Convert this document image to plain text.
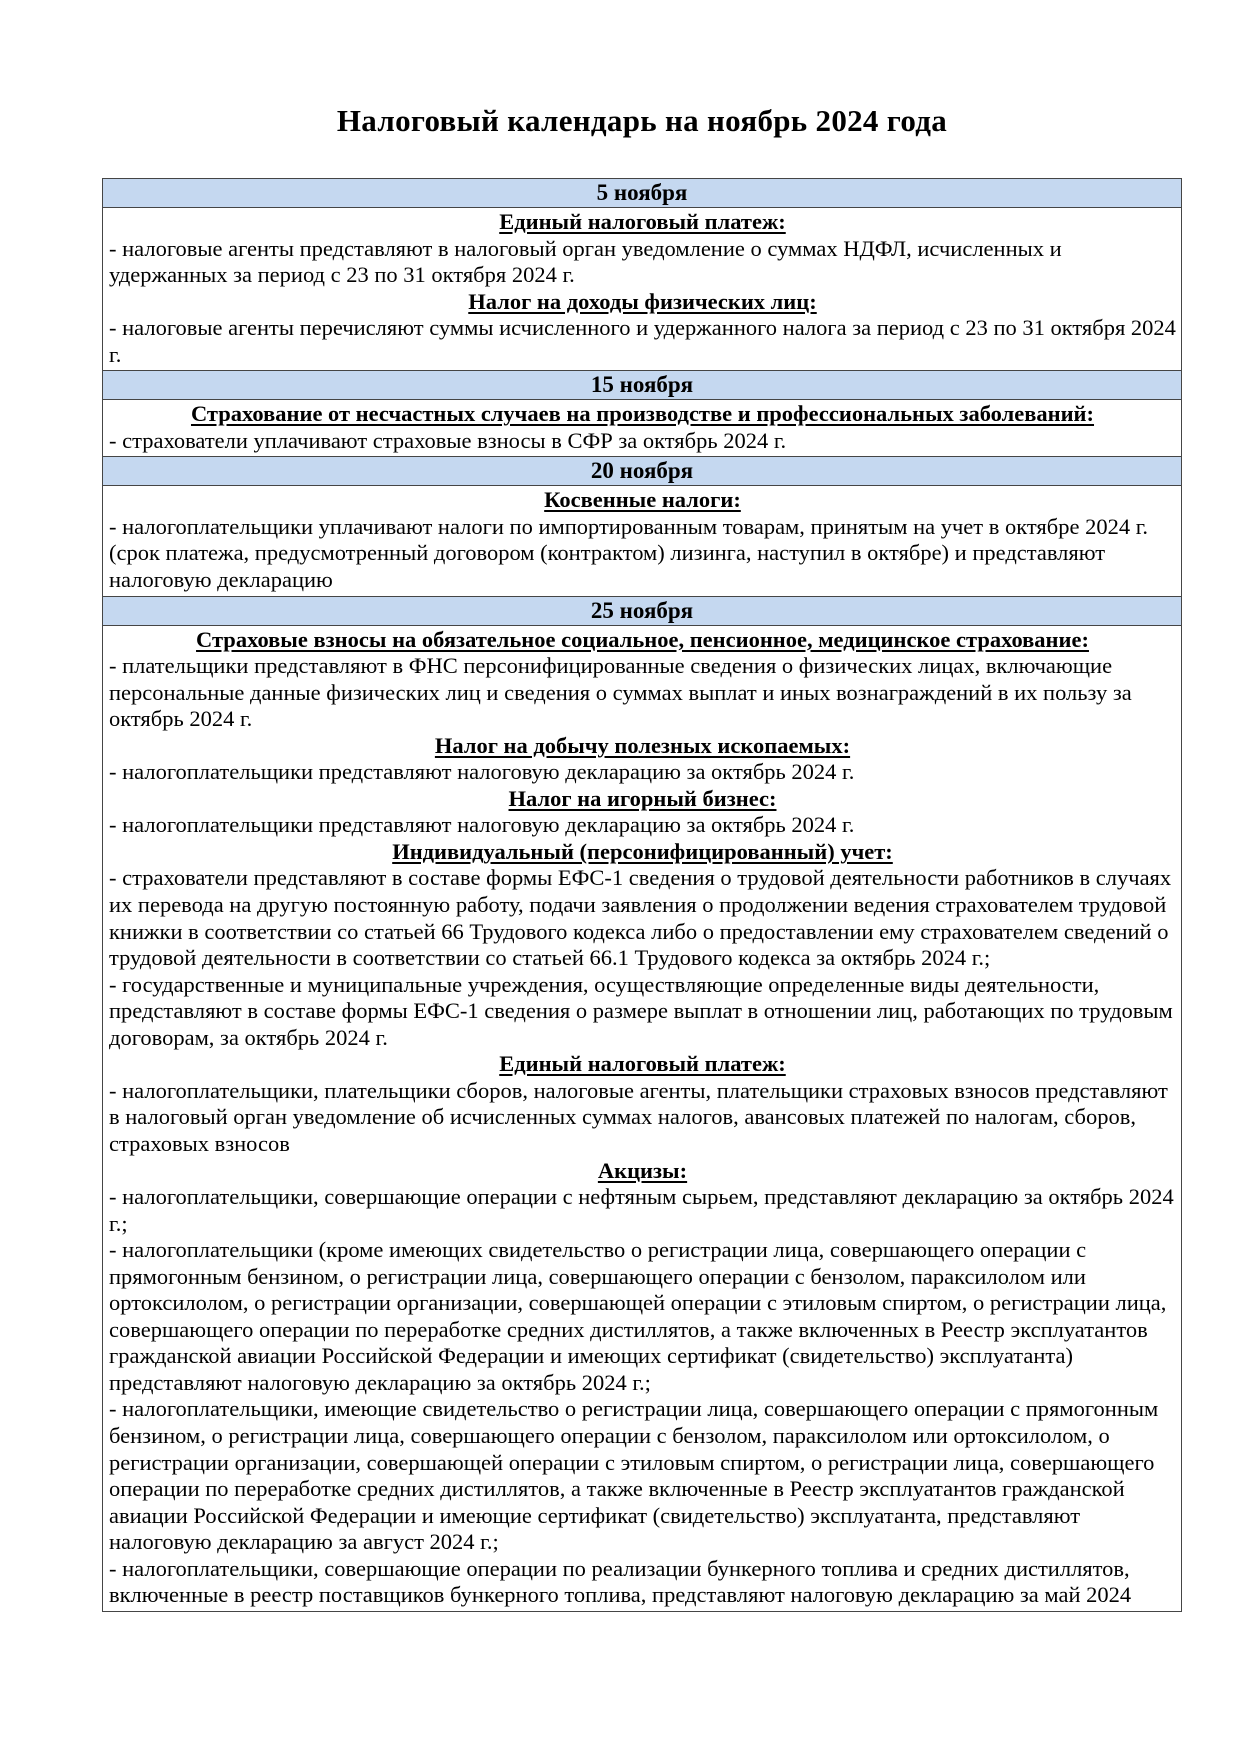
Налоговый календарь на ноябрь 2024 года
5 ноября

Единый налоговый платеж:
- налоговые агенты представляют в налоговый орган уведомление о суммах НДФЛ, исчисленных и удержанных за период с 23 по 31 октября 2024 г.
Налог на доходы физических лиц:
- налоговые агенты перечисляют суммы исчисленного и удержанного налога за период с 23 по 31 октября 2024 г.

15 ноября

Страхование от несчастных случаев на производстве и профессиональных заболеваний:
- страхователи уплачивают страховые взносы в СФР за октябрь 2024 г.

20 ноября

Косвенные налоги:
- налогоплательщики уплачивают налоги по импортированным товарам, принятым на учет в октябре 2024 г. (срок платежа, предусмотренный договором (контрактом) лизинга, наступил в октябре) и представляют налоговую декларацию

25 ноября

Страховые взносы на обязательное социальное, пенсионное, медицинское страхование:
- плательщики представляют в ФНС персонифицированные сведения о физических лицах, включающие персональные данные физических лиц и сведения о суммах выплат и иных вознаграждений в их пользу за октябрь 2024 г.
Налог на добычу полезных ископаемых:
- налогоплательщики представляют налоговую декларацию за октябрь 2024 г.
Налог на игорный бизнес:
- налогоплательщики представляют налоговую декларацию за октябрь 2024 г.
Индивидуальный (персонифицированный) учет:
- страхователи представляют в составе формы ЕФС-1 сведения о трудовой деятельности работников в случаях их перевода на другую постоянную работу, подачи заявления о продолжении ведения страхователем трудовой книжки в соответствии со статьей 66 Трудового кодекса либо о предоставлении ему страхователем сведений о трудовой деятельности в соответствии со статьей 66.1 Трудового кодекса за октябрь 2024 г.;
- государственные и муниципальные учреждения, осуществляющие определенные виды деятельности, представляют в составе формы ЕФС-1 сведения о размере выплат в отношении лиц, работающих по трудовым договорам, за октябрь 2024 г.
Единый налоговый платеж:
- налогоплательщики, плательщики сборов, налоговые агенты, плательщики страховых взносов представляют в налоговый орган уведомление об исчисленных суммах налогов, авансовых платежей по налогам, сборов, страховых взносов
Акцизы:
- налогоплательщики, совершающие операции с нефтяным сырьем, представляют декларацию за октябрь 2024 г.;
- налогоплательщики (кроме имеющих свидетельство о регистрации лица, совершающего операции с прямогонным бензином, о регистрации лица, совершающего операции с бензолом, параксилолом или ортоксилолом, о регистрации организации, совершающей операции с этиловым спиртом, о регистрации лица, совершающего операции по переработке средних дистиллятов, а также включенных в Реестр эксплуатантов гражданской авиации Российской Федерации и имеющих сертификат (свидетельство) эксплуатанта) представляют налоговую декларацию за октябрь 2024 г.;
- налогоплательщики, имеющие свидетельство о регистрации лица, совершающего операции с прямогонным бензином, о регистрации лица, совершающего операции с бензолом, параксилолом или ортоксилолом, о регистрации организации, совершающей операции с этиловым спиртом, о регистрации лица, совершающего операции по переработке средних дистиллятов, а также включенные в Реестр эксплуатантов гражданской авиации Российской Федерации и имеющие сертификат (свидетельство) эксплуатанта, представляют налоговую декларацию за август 2024 г.;
- налогоплательщики, совершающие операции по реализации бункерного топлива и средних дистиллятов, включенные в реестр поставщиков бункерного топлива, представляют налоговую декларацию за май 2024
